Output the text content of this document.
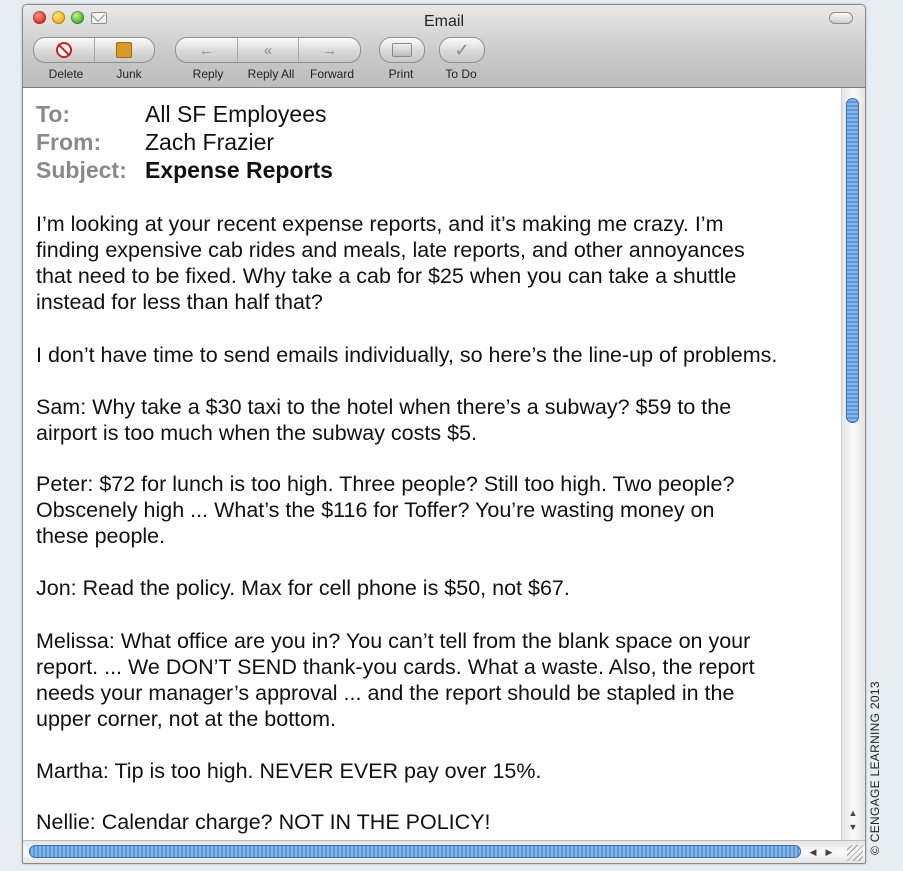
Email
Delete	Junk
←	«	→
Reply	Reply All	Forward	Print
✓
To Do
To:	All SF Employees
From: Zach Frazier
Subject: Expense Reports
I’m looking at your recent expense reports, and it’s making me crazy. I’m
finding expensive cab rides and meals, late reports, and other annoyances
that need to be fixed. Why take a cab for $25 when you can take a shuttle
instead for less than half that?
I don’t have time to send emails individually, so here’s the line-up of problems.
Sam: Why take a $30 taxi to the hotel when there’s a subway? $59 to the
airport is too much when the subway costs $5.
Peter: $72 for lunch is too high. Three people? Still too high. Two people?
Obscenely high ... What’s the $116 for Toffer? You’re wasting money on
these people.
Jon: Read the policy. Max for cell phone is $50, not $67.
Melissa: What office are you in? You can’t tell from the blank space on your
report. ... We DON’T SEND thank-you cards. What a waste. Also, the report
needs your manager’s approval ... and the report should be stapled in the
upper corner, not at the bottom.
Martha: Tip is too high. NEVER EVER pay over 15%.
Nellie: Calendar charge? NOT IN THE POLICY!	▲
▼
◀ ▶	© CENGAGE LEARNING 2013
